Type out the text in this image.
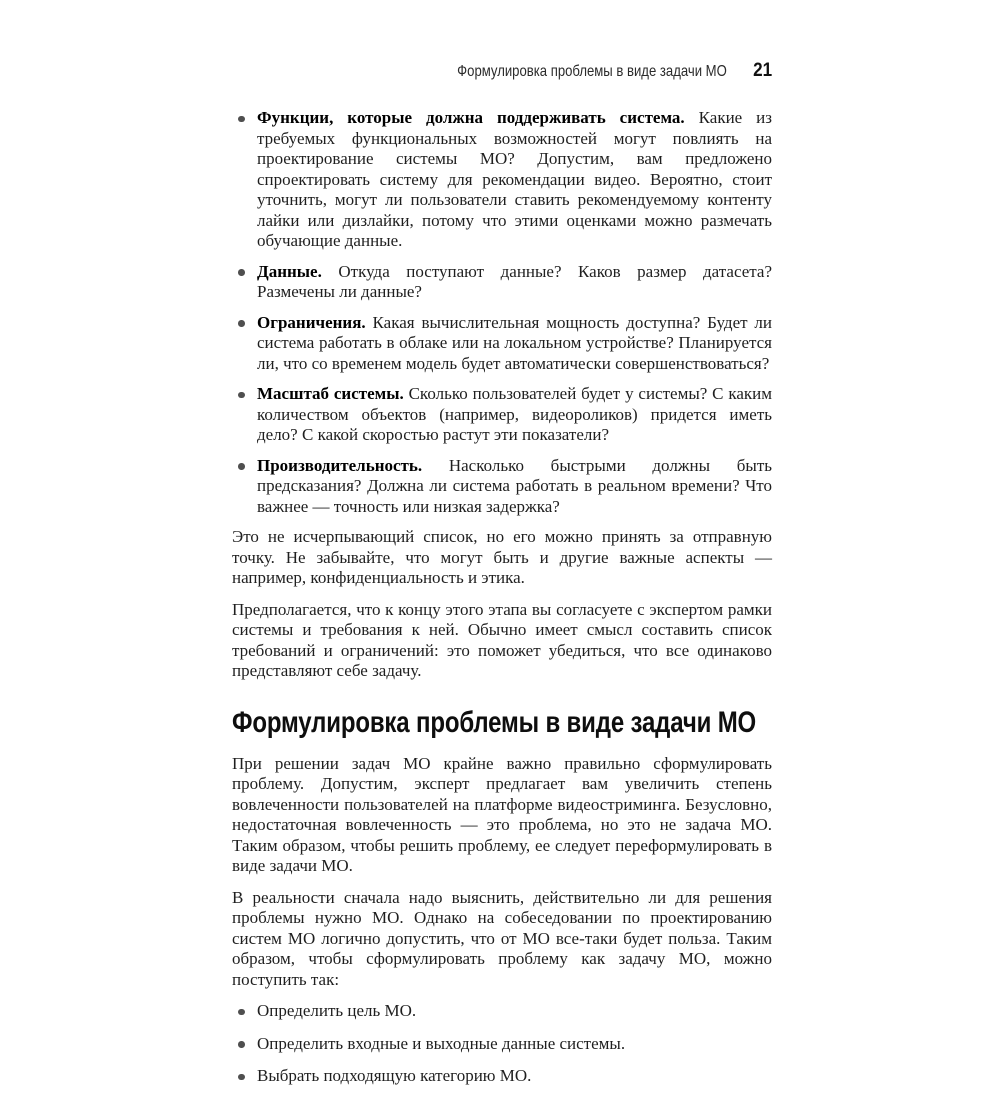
Формулировка проблемы в виде задачи МО 21
Функции, которые должна поддерживать система. Какие из требуемых функциональных возможностей могут повлиять на проектирование системы МО? Допустим, вам предложено спроектировать систему для рекомендации видео. Вероятно, стоит уточнить, могут ли пользователи ставить рекомендуемому контенту лайки или дизлайки, потому что этими оценками можно размечать обучающие данные.
Данные. Откуда поступают данные? Каков размер датасета? Размечены ли данные?
Ограничения. Какая вычислительная мощность доступна? Будет ли система работать в облаке или на локальном устройстве? Планируется ли, что со временем модель будет автоматически совершенствоваться?
Масштаб системы. Сколько пользователей будет у системы? С каким количеством объектов (например, видеороликов) придется иметь дело? С какой скоростью растут эти показатели?
Производительность. Насколько быстрыми должны быть предсказания? Должна ли система работать в реальном времени? Что важнее — точность или низкая задержка?

Это не исчерпывающий список, но его можно принять за отправную точку. Не забывайте, что могут быть и другие важные аспекты — например, конфиденциальность и этика.

Предполагается, что к концу этого этапа вы согласуете с экспертом рамки системы и требования к ней. Обычно имеет смысл составить список требований и ограничений: это поможет убедиться, что все одинаково представляют себе задачу.

Формулировка проблемы в виде задачи МО

При решении задач МО крайне важно правильно сформулировать проблему. Допустим, эксперт предлагает вам увеличить степень вовлеченности пользователей на платформе видеостриминга. Безусловно, недостаточная вовлеченность — это проблема, но это не задача МО. Таким образом, чтобы решить проблему, ее следует переформулировать в виде задачи МО.

В реальности сначала надо выяснить, действительно ли для решения проблемы нужно МО. Однако на собеседовании по проектированию систем МО логично допустить, что от МО все-таки будет польза. Таким образом, чтобы сформулировать проблему как задачу МО, можно поступить так:

Определить цель МО.
Определить входные и выходные данные системы.
Выбрать подходящую категорию МО.
